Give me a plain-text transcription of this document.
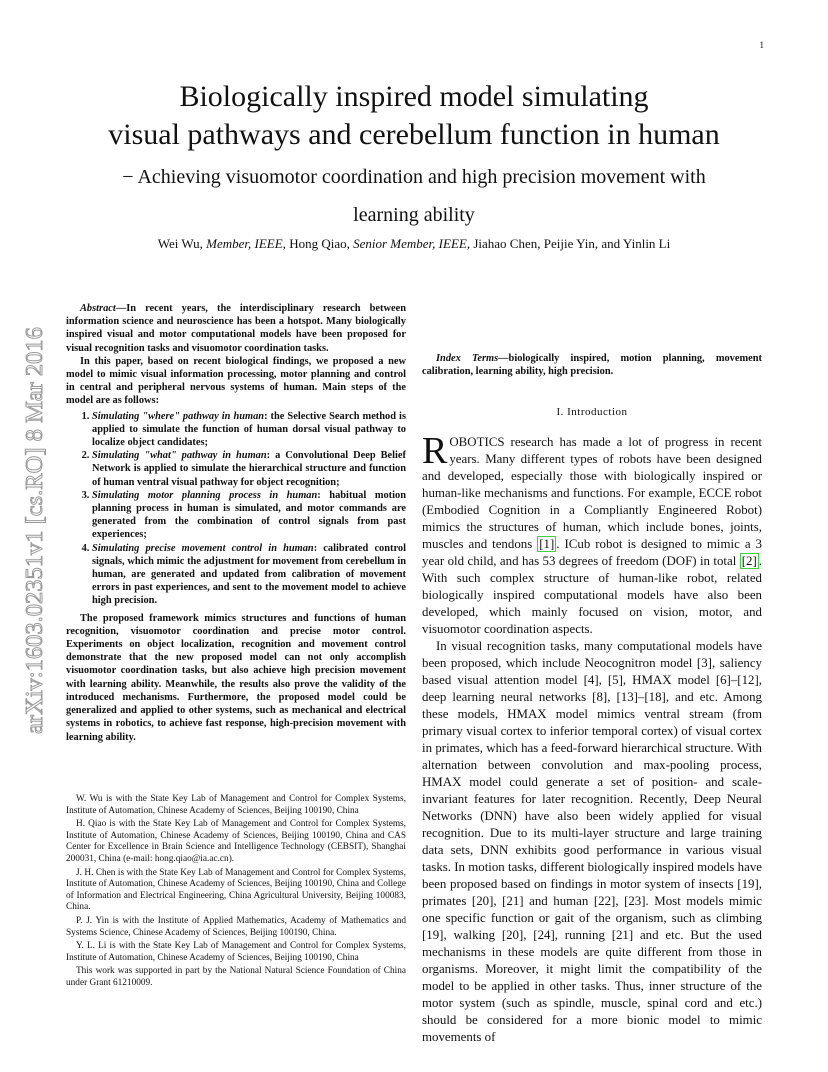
1
arXiv:1603.02351v1 [cs.RO] 8 Mar 2016
Biologically inspired model simulating
visual pathways and cerebellum function in human
− Achieving visuomotor coordination and high precision movement with
learning ability
Wei Wu, Member, IEEE, Hong Qiao, Senior Member, IEEE, Jiahao Chen, Peijie Yin, and Yinlin Li

Abstract—In recent years, the interdisciplinary research between information science and neuroscience has been a hotspot. Many biologically inspired visual and motor computational models have been proposed for visual recognition tasks and visuomotor coordination tasks.

In this paper, based on recent biological findings, we proposed a new model to mimic visual information processing, motor planning and control in central and peripheral nervous systems of human. Main steps of the model are as follows:

1. Simulating "where" pathway in human: the Selective Search method is applied to simulate the function of human dorsal visual pathway to localize object candidates;
2. Simulating "what" pathway in human: a Convolutional Deep Belief Network is applied to simulate the hierarchical structure and function of human ventral visual pathway for object recognition;
3. Simulating motor planning process in human: habitual motion planning process in human is simulated, and motor commands are generated from the combination of control signals from past experiences;
4. Simulating precise movement control in human: calibrated control signals, which mimic the adjustment for movement from cerebellum in human, are generated and updated from calibration of movement errors in past experiences, and sent to the movement model to achieve high precision.

The proposed framework mimics structures and functions of human recognition, visuomotor coordination and precise motor control. Experiments on object localization, recognition and movement control demonstrate that the new proposed model can not only accomplish visuomotor coordination tasks, but also achieve high precision movement with learning ability. Meanwhile, the results also prove the validity of the introduced mechanisms. Furthermore, the proposed model could be generalized and applied to other systems, such as mechanical and electrical systems in robotics, to achieve fast response, high-precision movement with learning ability.

W. Wu is with the State Key Lab of Management and Control for Complex Systems, Institute of Automation, Chinese Academy of Sciences, Beijing 100190, China

H. Qiao is with the State Key Lab of Management and Control for Complex Systems, Institute of Automation, Chinese Academy of Sciences, Beijing 100190, China and CAS Center for Excellence in Brain Science and Intelligence Technology (CEBSIT), Shanghai 200031, China (e-mail: hong.qiao@ia.ac.cn).

J. H. Chen is with the State Key Lab of Management and Control for Complex Systems, Institute of Automation, Chinese Academy of Sciences, Beijing 100190, China and College of Information and Electrical Engineering, China Agricultural University, Beijing 100083, China.

P. J. Yin is with the Institute of Applied Mathematics, Academy of Mathematics and Systems Science, Chinese Academy of Sciences, Beijing 100190, China.

Y. L. Li is with the State Key Lab of Management and Control for Complex Systems, Institute of Automation, Chinese Academy of Sciences, Beijing 100190, China

This work was supported in part by the National Natural Science Foundation of China under Grant 61210009.

Index Terms—biologically inspired, motion planning, movement calibration, learning ability, high precision.

I. Introduction

ROBOTICS research has made a lot of progress in recent years. Many different types of robots have been designed and developed, especially those with biologically inspired or human-like mechanisms and functions. For example, ECCE robot (Embodied Cognition in a Compliantly Engineered Robot) mimics the structures of human, which include bones, joints, muscles and tendons [1] . ICub robot is designed to mimic a 3 year old child, and has 53 degrees of freedom (DOF) in total [2] . With such complex structure of human-like robot, related biologically inspired computational models have also been developed, which mainly focused on vision, motor, and visuomotor coordination aspects.

In visual recognition tasks, many computational models have been proposed, which include Neocognitron model [3], saliency based visual attention model [4], [5], HMAX model [6]–[12], deep learning neural networks [8], [13]–[18], and etc. Among these models, HMAX model mimics ventral stream (from primary visual cortex to inferior temporal cortex) of visual cortex in primates, which has a feed-forward hierarchical structure. With alternation between convolution and max-pooling process, HMAX model could generate a set of position- and scale-invariant features for later recognition. Recently, Deep Neural Networks (DNN) have also been widely applied for visual recognition. Due to its multi-layer structure and large training data sets, DNN exhibits good performance in various visual tasks. In motion tasks, different biologically inspired models have been proposed based on findings in motor system of insects [19], primates [20], [21] and human [22], [23]. Most models mimic one specific function or gait of the organism, such as climbing [19], walking [20], [24], running [21] and etc. But the used mechanisms in these models are quite different from those in organisms. Moreover, it might limit the compatibility of the model to be applied in other tasks. Thus, inner structure of the motor system (such as spindle, muscle, spinal cord and etc.) should be considered for a more bionic model to mimic movements of
